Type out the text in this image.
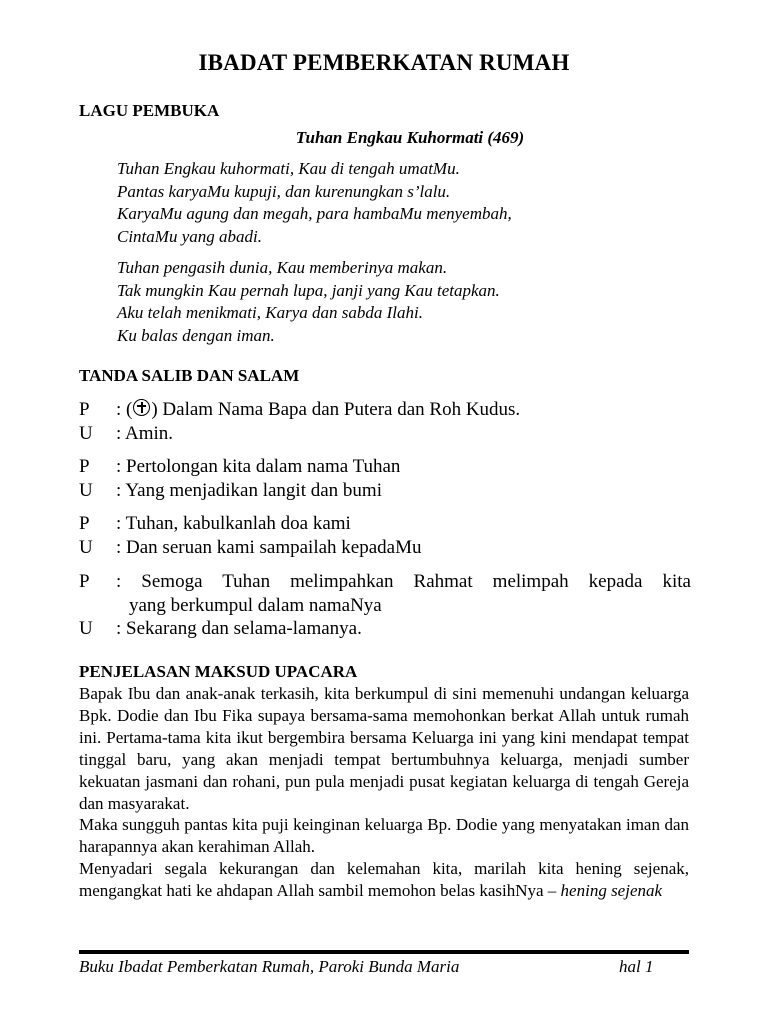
IBADAT PEMBERKATAN RUMAH
LAGU PEMBUKA
Tuhan Engkau Kuhormati (469)
Tuhan Engkau kuhormati, Kau di tengah umatMu.
Pantas karyaMu kupuji, dan kurenungkan s’lalu.
KaryaMu agung dan megah, para hambaMu menyembah,
CintaMu yang abadi.
Tuhan pengasih dunia, Kau memberinya makan.
Tak mungkin Kau pernah lupa, janji yang Kau tetapkan.
Aku telah menikmati, Karya dan sabda Ilahi.
Ku balas dengan iman.
TANDA SALIB DAN SALAM
P	: ( ) Dalam Nama Bapa dan Putera dan Roh Kudus.
U	: Amin.
P	: Pertolongan kita dalam nama Tuhan
U	: Yang menjadikan langit dan bumi
P	: Tuhan, kabulkanlah doa kami
U	: Dan seruan kami sampailah kepadaMu
P	: Semoga Tuhan melimpahkan Rahmat melimpah kepada kita
yang berkumpul dalam namaNya
U	: Sekarang dan selama-lamanya.
PENJELASAN MAKSUD UPACARA

Bapak Ibu dan anak-anak terkasih, kita berkumpul di sini memenuhi undangan keluarga Bpk. Dodie dan Ibu Fika supaya bersama-sama memohonkan berkat Allah untuk rumah ini. Pertama-tama kita ikut bergembira bersama Keluarga ini yang kini mendapat tempat tinggal baru, yang akan menjadi tempat bertumbuhnya keluarga, menjadi sumber kekuatan jasmani dan rohani, pun pula menjadi pusat kegiatan keluarga di tengah Gereja dan masyarakat.

Maka sungguh pantas kita puji keinginan keluarga Bp. Dodie yang menyatakan iman dan harapannya akan kerahiman Allah.

Menyadari segala kekurangan dan kelemahan kita, marilah kita hening sejenak, mengangkat hati ke ahdapan Allah sambil memohon belas kasihNya – hening sejenak

Buku Ibadat Pemberkatan Rumah, Paroki Bunda Maria	hal 1
